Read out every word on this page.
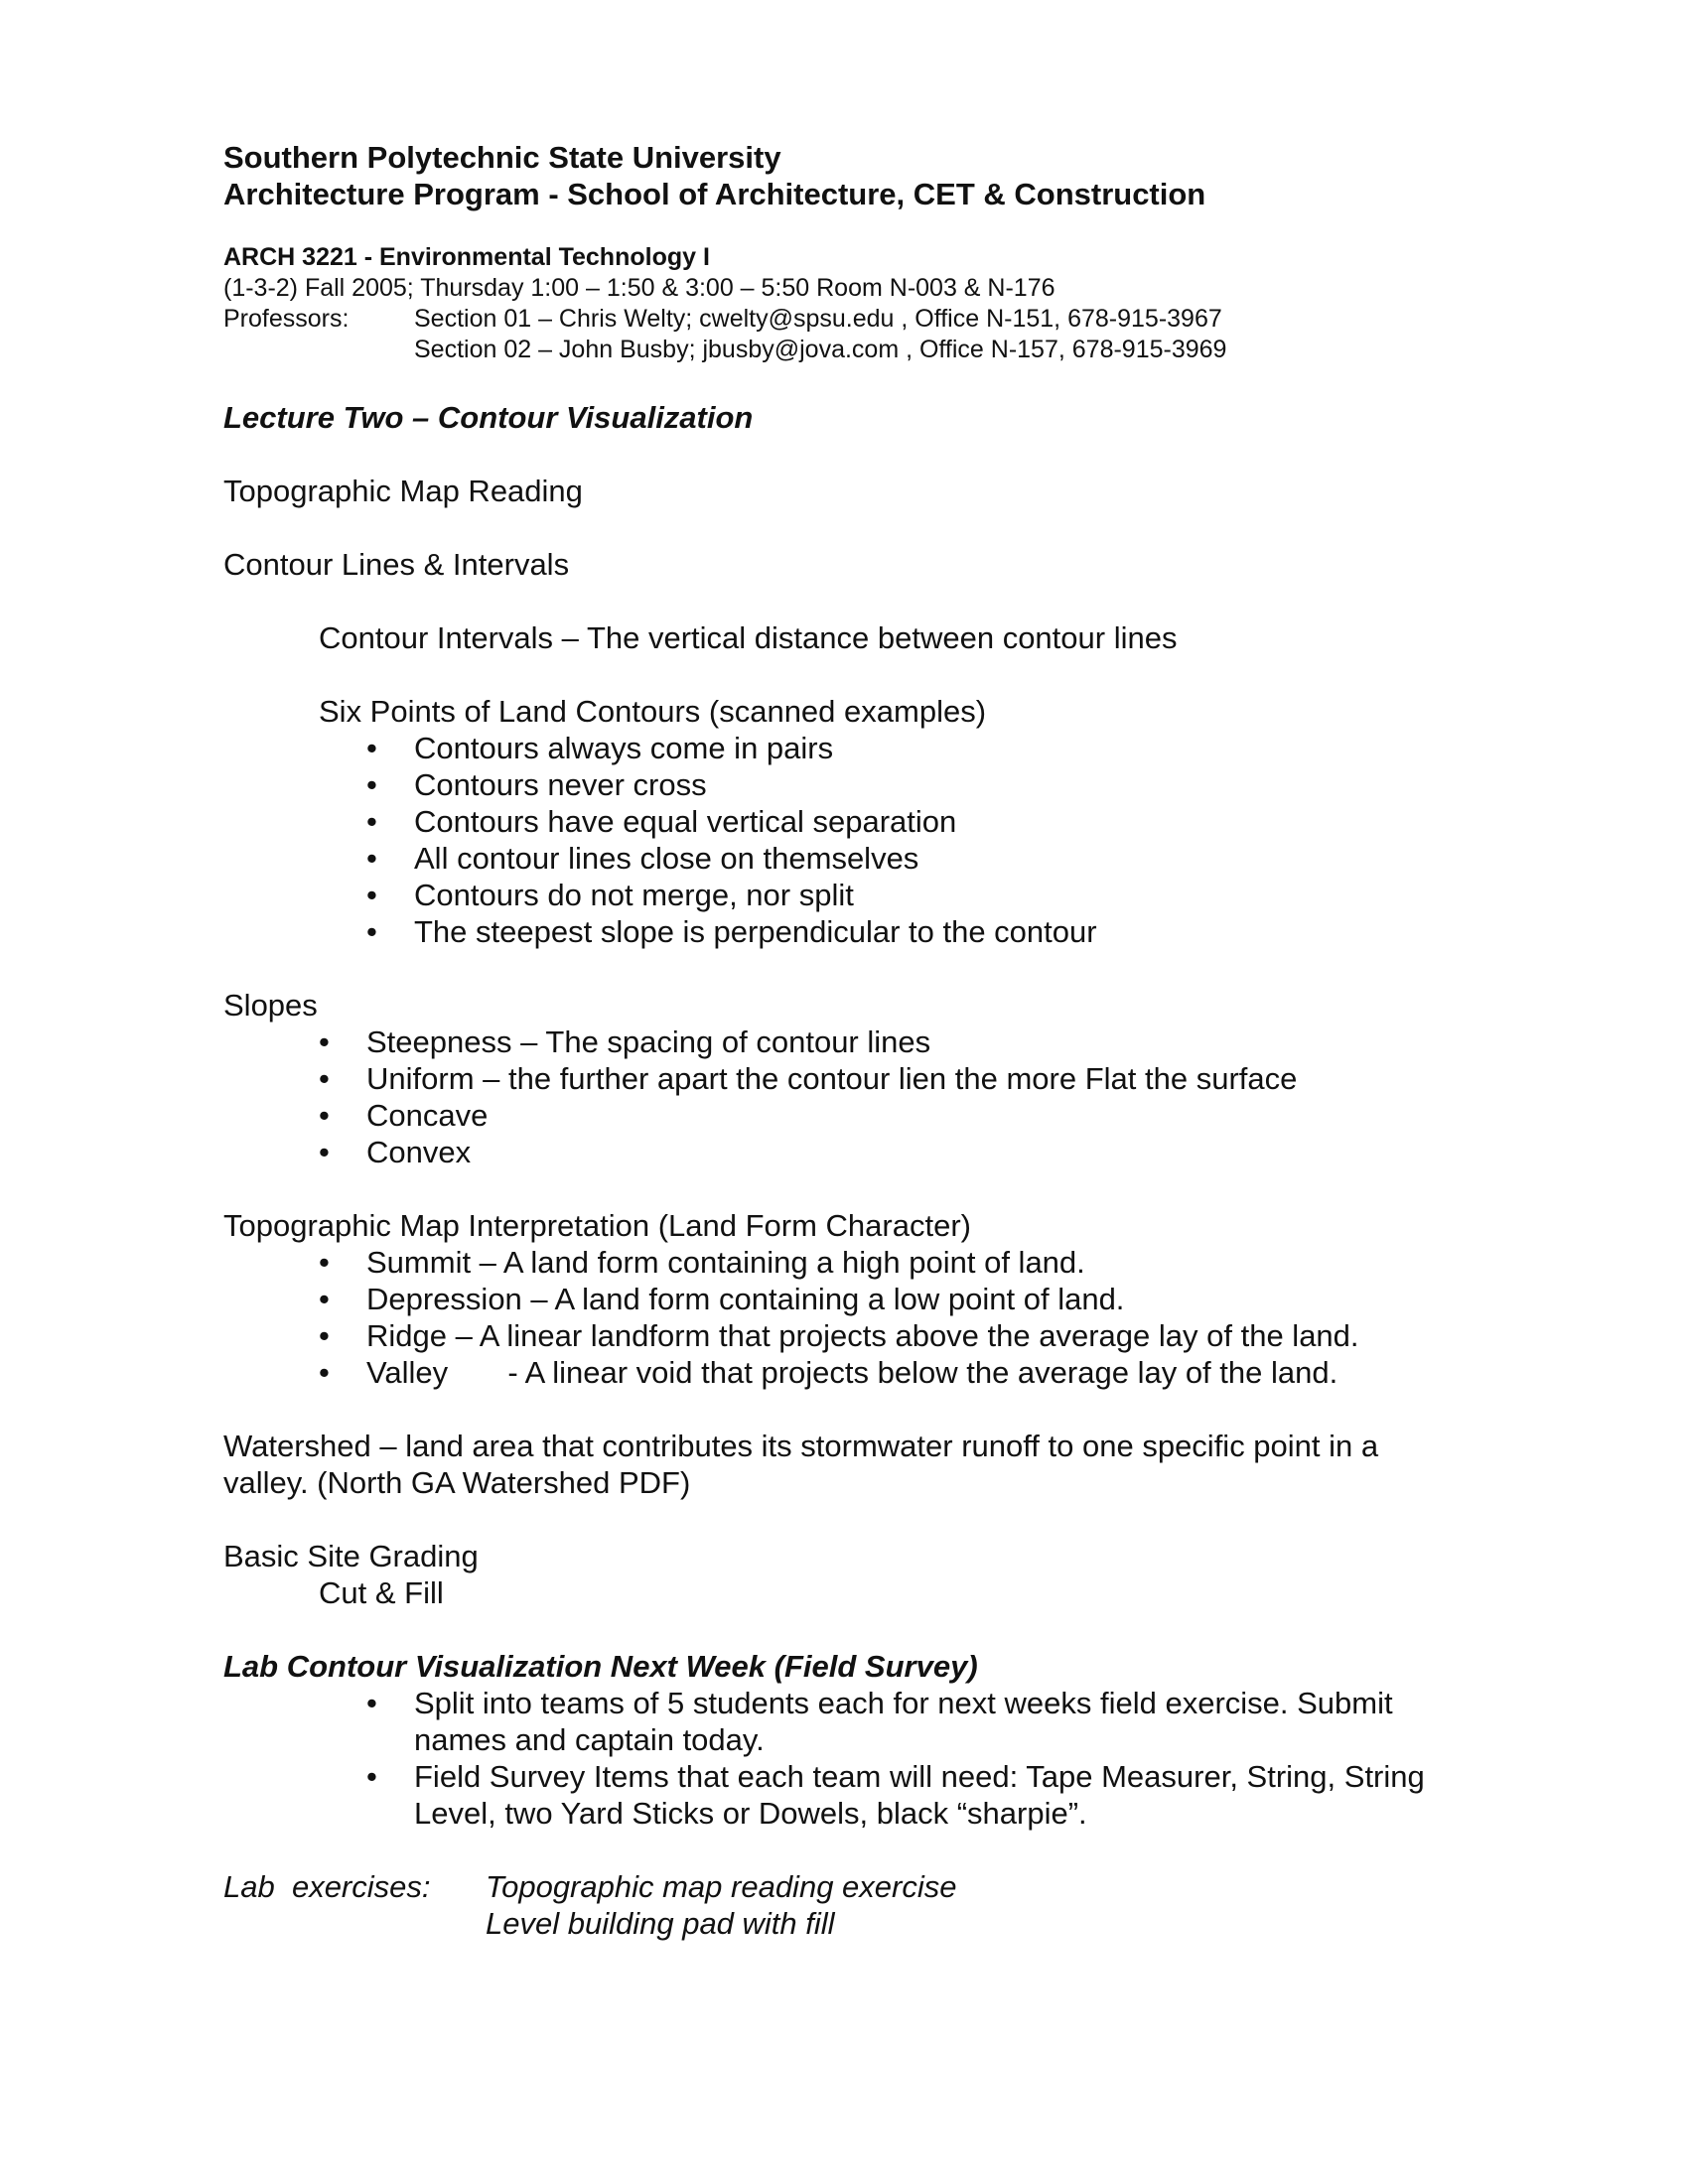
Southern Polytechnic State University
Architecture Program - School of Architecture, CET & Construction
ARCH 3221 - Environmental Technology I
(1-3-2) Fall 2005; Thursday 1:00 – 1:50 & 3:00 – 5:50 Room N-003 & N-176
Professors:	Section 01 – Chris Welty; cwelty@spsu.edu , Office N-151, 678-915-3967
Section 02 – John Busby; jbusby@jova.com , Office N-157, 678-915-3969
Lecture Two – Contour Visualization
Topographic Map Reading
Contour Lines & Intervals
Contour Intervals – The vertical distance between contour lines
Six Points of Land Contours (scanned examples)
• Contours always come in pairs
• Contours never cross
• Contours have equal vertical separation
• All contour lines close on themselves
• Contours do not merge, nor split
• The steepest slope is perpendicular to the contour
Slopes
• Steepness – The spacing of contour lines
• Uniform – the further apart the contour lien the more Flat the surface
• Concave
• Convex
Topographic Map Interpretation (Land Form Character)
• Summit – A land form containing a high point of land.
• Depression – A land form containing a low point of land.
• Ridge – A linear landform that projects above the average lay of the land.
• Valley       - A linear void that projects below the average lay of the land.
Watershed – land area that contributes its stormwater runoff to one specific point in a
valley. (North GA Watershed PDF)
Basic Site Grading
Cut & Fill
Lab Contour Visualization Next Week (Field Survey)
• Split into teams of 5 students each for next weeks field exercise. Submit names and captain today.
• Field Survey Items that each team will need: Tape Measurer, String, String Level, two Yard Sticks or Dowels, black “sharpie”.
Lab  exercises:	Topographic map reading exercise
Level building pad with fill
